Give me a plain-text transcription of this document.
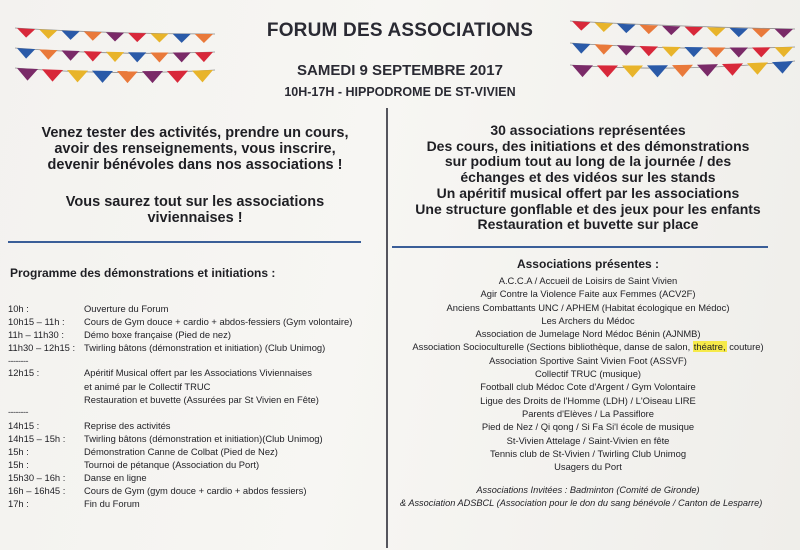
FORUM DES ASSOCIATIONS
SAMEDI 9 SEPTEMBRE 2017
10H-17H - HIPPODROME DE ST-VIVIEN
Venez tester des activités, prendre un cours,
avoir des renseignements, vous inscrire,
devenir bénévoles dans nos associations !
Vous saurez tout sur les associations
viviennaises !
30 associations représentées
Des cours, des initiations et des démonstrations
sur podium tout au long de la journée / des
échanges et des vidéos sur les stands
Un apéritif musical offert par les associations
Une structure gonflable et des jeux pour les enfants
Restauration et buvette sur place
Programme des démonstrations et initiations :
10h :	Ouverture du Forum
10h15 – 11h : Cours de Gym douce + cardio + abdos-fessiers (Gym volontaire)
11h – 11h30 : Démo boxe française (Pied de nez)
11h30 – 12h15 : Twirling bâtons (démonstration et initiation) (Club Unimog)
--------
12h15 :	Apéritif Musical offert par les Associations Viviennaises
et animé par le Collectif TRUC
Restauration et buvette (Assurées par St Vivien en Fête)
--------
14h15 :	Reprise des activités
14h15 – 15h : Twirling bâtons (démonstration et initiation)(Club Unimog)
15h :	Démonstration Canne de Colbat (Pied de Nez)
15h :	Tournoi de pétanque (Association du Port)
15h30 – 16h : Danse en ligne
16h – 16h45 : Cours de Gym (gym douce + cardio + abdos fessiers)
17h :	Fin du Forum
Associations présentes :
A.C.C.A / Accueil de Loisirs de Saint Vivien
Agir Contre la Violence Faite aux Femmes (ACV2F)
Anciens Combattants UNC / APHEM (Habitat écologique en Médoc)
Les Archers du Médoc
Association de Jumelage Nord Médoc Bénin (AJNMB)
Association Socioculturelle (Sections bibliothèque, danse de salon, théatre, couture)
Association Sportive Saint Vivien Foot (ASSVF)
Collectif TRUC (musique)
Football club Médoc Cote d'Argent / Gym Volontaire
Ligue des Droits de l'Homme (LDH) / L'Oiseau LIRE
Parents d'Elèves / La Passiflore
Pied de Nez / Qi qong / Si Fa Si'l école de musique
St-Vivien Attelage / Saint-Vivien en fête
Tennis club de St-Vivien / Twirling Club Unimog
Usagers du Port
Associations Invitées : Badminton (Comité de Gironde)
& Association ADSBCL (Association pour le don du sang bénévole / Canton de Lesparre)
